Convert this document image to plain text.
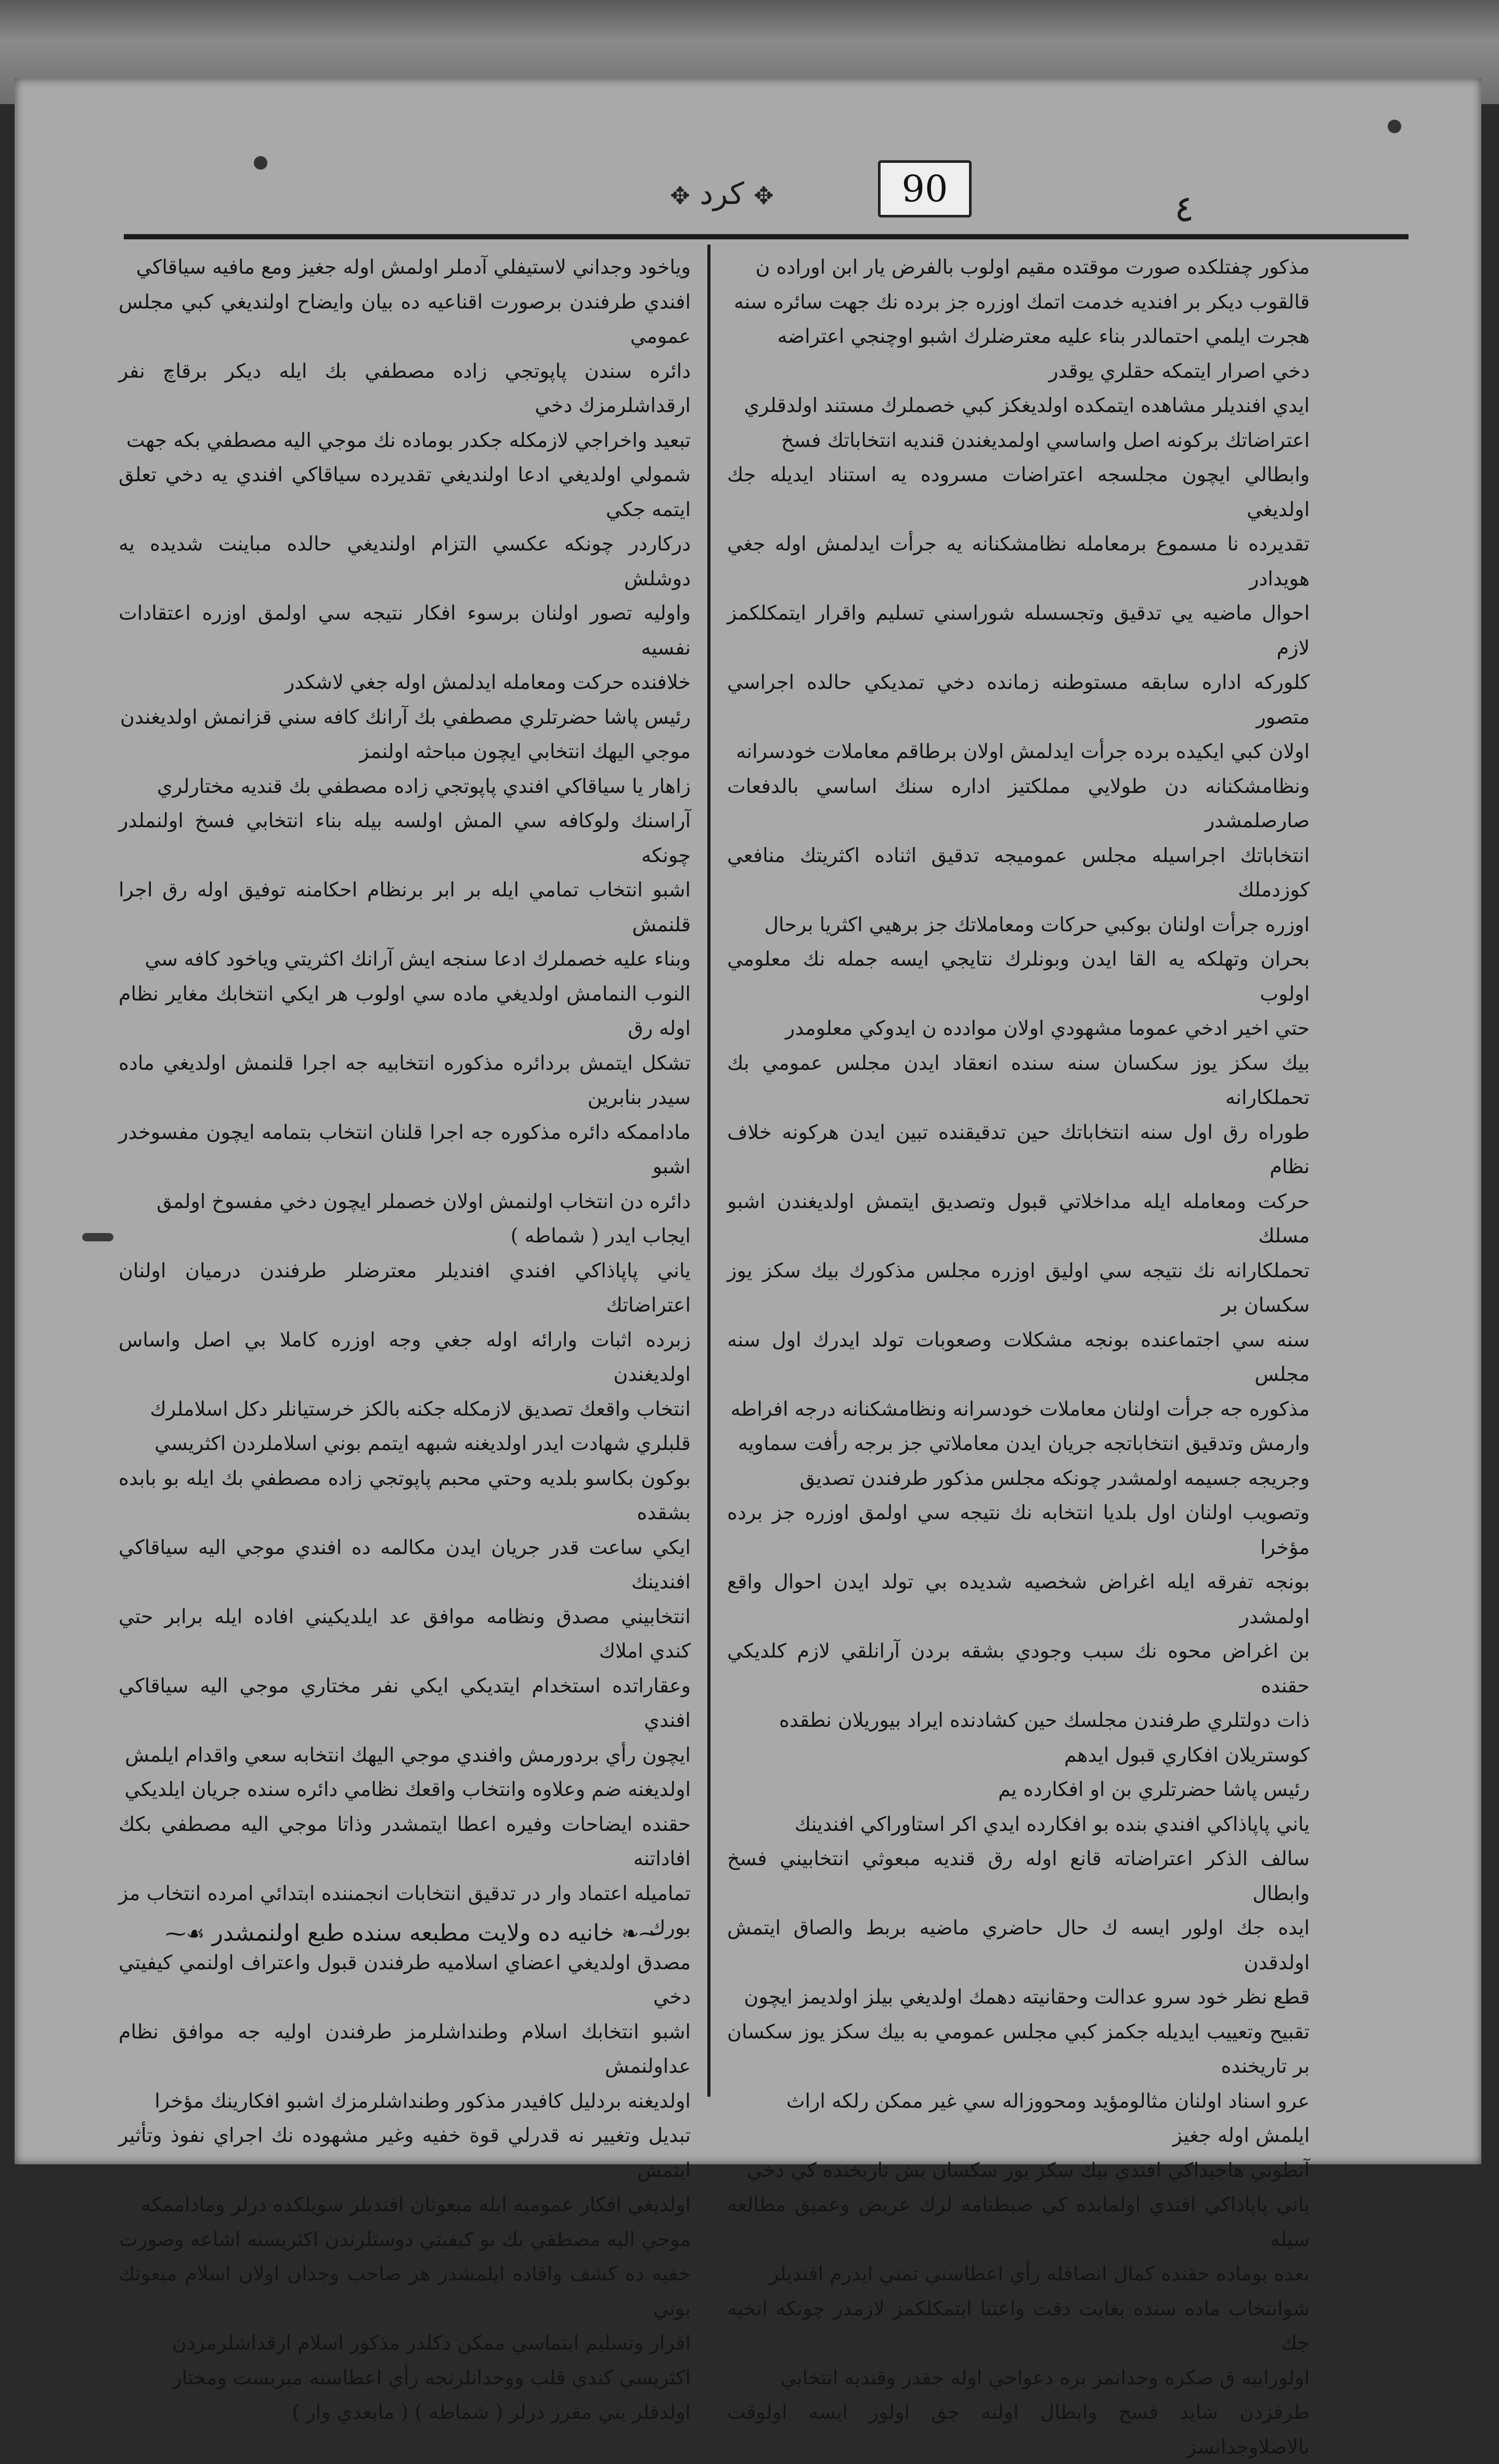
٤
✥ كرد ✥	90

مذكور چفتلكده صورت موقتده مقيم اولوب بالفرض يار ابن اوراده ن

قالقوب ديكر بر افنديه خدمت اتمك اوزره جز برده نك جهت سائره سنه

هجرت ايلمي احتمالدر بناء عليه معترضلرك اشبو اوچنجي اعتراضه

دخي اصرار ايتمكه حقلري يوقدر

ايدي افنديلر مشاهده ايتمكده اولديغكز كبي خصملرك مستند اولدقلري

اعتراضاتك بركونه اصل واساسي اولمديغندن قنديه انتخاباتك فسخ

وابطالي ايچون مجلسجه اعتراضات مسروده يه استناد ايديله جك اولديغي

تقديرده نا مسموع برمعامله نظامشكنانه يه جرأت ايدلمش اوله جغي هويدادر

احوال ماضيه يي تدقيق وتجسسله شوراسني تسليم واقرار ايتمكلكمز لازم

كلوركه اداره سابقه مستوطنه زمانده دخي تمديكي حالده اجراسي متصور

اولان كبي ايكيده برده جرأت ايدلمش اولان برطاقم معاملات خودسرانه

ونظامشكنانه دن طولايي مملكتيز اداره سنك اساسي بالدفعات صارصلمشدر

انتخاباتك اجراسيله مجلس عموميجه تدقيق اثناده اكثريتك منافعي كوزدملك

اوزره جرأت اولنان بوكبي حركات ومعاملاتك جز برهيي اكثريا برحال

بحران وتهلكه يه القا ايدن وبونلرك نتايجي ايسه جمله نك معلومي اولوب

حتي اخير ادخي عموما مشهودي اولان موادده ن ايدوكي معلومدر

بيك سكز يوز سكسان سنه سنده انعقاد ايدن مجلس عمومي بك تحملكارانه

طوراه رق اول سنه انتخاباتك حين تدقيقنده تبين ايدن هركونه خلاف نظام

حركت ومعامله ايله مداخلاتي قبول وتصديق ايتمش اولديغندن اشبو مسلك

تحملكارانه نك نتيجه سي اوليق اوزره مجلس مذكورك بيك سكز يوز سكسان بر

سنه سي اجتماعنده بونجه مشكلات وصعوبات تولد ايدرك اول سنه مجلس

مذكوره جه جرأت اولنان معاملات خودسرانه ونظامشكنانه درجه افراطه

وارمش وتدقيق انتخاباتجه جريان ايدن معاملاتي جز برجه رأفت سماويه

وجريجه جسيمه اولمشدر چونكه مجلس مذكور طرفندن تصديق

وتصويب اولنان اول بلديا انتخابه نك نتيجه سي اولمق اوزره جز برده مؤخرا

بونجه تفرقه ايله اغراض شخصيه شديده بي تولد ايدن احوال واقع اولمشدر

بن اغراض محوه نك سبب وجودي بشقه بردن آرانلقي لازم كلديكي حقنده

ذات دولتلري طرفندن مجلسك حين كشادنده ايراد بيوريلان نطقده

كوستريلان افكاري قبول ايدهم

رئيس پاشا حضرتلري بن او افكارده يم

ياني پاپاذاكي افندي بنده بو افكارده ايدي اكر استاوراكي افندينك

سالف الذكر اعتراضاته قانع اوله رق قنديه مبعوثي انتخابيني فسخ وابطال

ايده جك اولور ايسه ك حال حاضري ماضيه بربط والصاق ايتمش اولدقدن

قطع نظر خود سرو عدالت وحقانيته دهمك اولديغي بيلز اولديمز ايچون

تقبيح وتعييب ايديله جكمز كبي مجلس عمومي به بيك سكز يوز سكسان بر تاريخنده

عرو اسناد اولنان مثالومؤيد ومحووزاله سي غير ممكن رلكه اراث

ايلمش اوله جغيز

آنطوني هاجيداكي افندي بيك سكز يوز سكسان بش تاريخنده كي دخي

ياني پاپاذاكي افندي اولمابده كي ضبطنامه لرك عريض وعميق مطالعه سيله

بعده بوماده حقنده كمال انصافله رأي اعطاسني تمني ايدرم افنديلر

شوانتخاب ماده سنده بغايت دقت واعتنا ايتمكلكمز لازمدر چونكه اتخيه جك

اولوراييه ق صكره وجدانمز بزه دعواجي اوله جقدر وقنديه انتخابي

طرفزدن شايد فسخ وابطال اولنه جق اولور ايسه اولوقت بالاصلاوجدانسز

وياخود وجداني لاستيفلي آدملر اولمش اوله جغيز ومع مافيه سياقاكي

افندي طرفندن برصورت اقناعيه ده بيان وايضاح اولنديغي كبي مجلس عمومي

دائره سندن پاپوتجي زاده مصطفي بك ايله ديكر برقاچ نفر ارقداشلرمزك دخي

تبعيد واخراجي لازمكله جكدر بوماده نك موجي اليه مصطفي بكه جهت

شمولي اولديغي ادعا اولنديغي تقديرده سياقاكي افندي يه دخي تعلق ايتمه جكي

دركاردر چونكه عكسي التزام اولنديغي حالده مباينت شديده يه دوشلش

واوليه تصور اولنان برسوء افكار نتيجه سي اولمق اوزره اعتقادات نفسيه

خلافنده حركت ومعامله ايدلمش اوله جغي لاشكدر

رئيس پاشا حضرتلري مصطفي بك آرانك كافه سني قزانمش اولديغندن

موجي اليهك انتخابي ايچون مباحثه اولنمز

زاهار يا سياقاكي افندي پاپوتجي زاده مصطفي بك قنديه مختارلري

آراسنك ولوكافه سي المش اولسه بيله بناء انتخابي فسخ اولنملدر چونكه

اشبو انتخاب تمامي ايله بر ابر برنظام احكامنه توفيق اوله رق اجرا قلنمش

وبناء عليه خصملرك ادعا سنجه ايش آرانك اكثريتي وياخود كافه سي

النوب النمامش اولديغي ماده سي اولوب هر ايكي انتخابك مغاير نظام اوله رق

تشكل ايتمش بردائره مذكوره انتخابيه جه اجرا قلنمش اولديغي ماده سيدر بنابرين

ماداممكه دائره مذكوره جه اجرا قلنان انتخاب بتمامه ايچون مفسوخدر اشبو

دائره دن انتخاب اولنمش اولان خصملر ايچون دخي مفسوخ اولمق

ايجاب ايدر ( شماطه )

ياني پاپاذاكي افندي افنديلر معترضلر طرفندن درميان اولنان اعتراضاتك

زبرده اثبات وارائه اوله جغي وجه اوزره كاملا بي اصل واساس اولديغندن

انتخاب واقعك تصديق لازمكله جكنه بالكز خرستيانلر دكل اسلاملرك

قلبلري شهادت ايدر اولديغنه شبهه ايتمم بوني اسلاملردن اكثريسي

بوكون بكاسو بلديه وحتي محبم پاپوتجي زاده مصطفي بك ايله بو بابده بشقده

ايكي ساعت قدر جريان ايدن مكالمه ده افندي موجي اليه سياقاكي افندينك

انتخابيني مصدق ونظامه موافق عد ايلديكيني افاده ايله برابر حتي كندي املاك

وعقاراتده استخدام ايتديكي ايكي نفر مختاري موجي اليه سياقاكي افندي

ايچون رأي بردورمش وافندي موجي اليهك انتخابه سعي واقدام ايلمش

اولديغنه ضم وعلاوه وانتخاب واقعك نظامي دائره سنده جريان ايلديكي

حقنده ايضاحات وفيره اعطا ايتمشدر وذاتا موجي اليه مصطفي بكك افاداتنه

تماميله اعتماد وار در تدقيق انتخابات انجمننده ابتدائي امرده انتخاب مز بورك

مصدق اولديغي اعضاي اسلاميه طرفندن قبول واعتراف اولنمي كيفيتي دخي

اشبو انتخابك اسلام وطنداشلرمز طرفندن اوليه جه موافق نظام عداولنمش

اولديغنه بردليل كافيدر مذكور وطنداشلرمزك اشبو افكارينك مؤخرا

تبديل وتغيير نه قدرلي قوة خفيه وغير مشهوده نك اجراي نفوذ وتأثير ايتمش

اولديغي افكار عموميه ايله مبعوثان افنديلر سويلكده درلر وماداممكه

موجي اليه مصطفي بك بو كيفيتي دوستلرندن اكثريسنه اشاعه وصورت

خفيه ده كشف وافاده ايلمشدر هر صاحب وجدان اولان اسلام مبعوثك بوني

اقرار وتسليم ايتماسي ممكن دكلدر مذكور اسلام ارقداشلرمزدن

اكثريسي كندي قلب ووجدانلرنجه رأي اعطاسنه مبربست ومختار

اولدقلر يني مقرر درلر ( شماطه ) ( مابعدي وار )

⁓❧ خانيه ده ولايت مطبعه سنده طبع اولنمشدر ☙⁓
